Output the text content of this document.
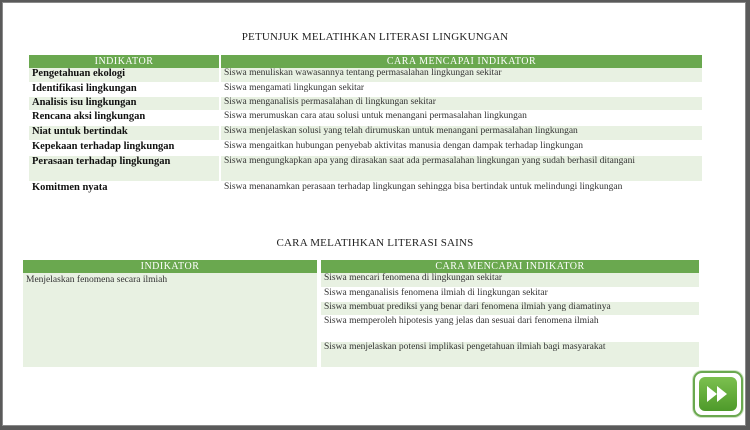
PETUNJUK MELATIHKAN LITERASI LINGKUNGAN
INDIKATOR	CARA MENCAPAI INDIKATOR
Pengetahuan ekologi	Siswa menuliskan wawasannya tentang permasalahan lingkungan sekitar
Identifikasi lingkungan	Siswa mengamati lingkungan sekitar
Analisis isu lingkungan	Siswa menganalisis permasalahan di lingkungan sekitar
Rencana aksi lingkungan	Siswa merumuskan cara atau solusi untuk menangani permasalahan lingkungan
Niat untuk bertindak	Siswa menjelaskan solusi yang telah dirumuskan untuk menangani permasalahan lingkungan
Kepekaan terhadap lingkungan	Siswa mengaitkan hubungan penyebab aktivitas manusia dengan dampak terhadap lingkungan
Perasaan terhadap lingkungan	Siswa mengungkapkan apa yang dirasakan saat ada permasalahan lingkungan yang sudah berhasil ditangani
Komitmen nyata	Siswa menanamkan perasaan terhadap lingkungan sehingga bisa bertindak untuk melindungi lingkungan
CARA MELATIHKAN LITERASI SAINS
INDIKATOR	CARA MENCAPAI INDIKATOR
Menjelaskan fenomena secara ilmiah	Siswa mencari fenomena di lingkungan sekitar
	Siswa menganalisis fenomena ilmiah di lingkungan sekitar
	Siswa membuat prediksi yang benar dari fenomena ilmiah yang diamatinya
	Siswa memperoleh hipotesis yang jelas dan sesuai dari fenomena ilmiah
	Siswa menjelaskan potensi implikasi pengetahuan ilmiah bagi masyarakat
